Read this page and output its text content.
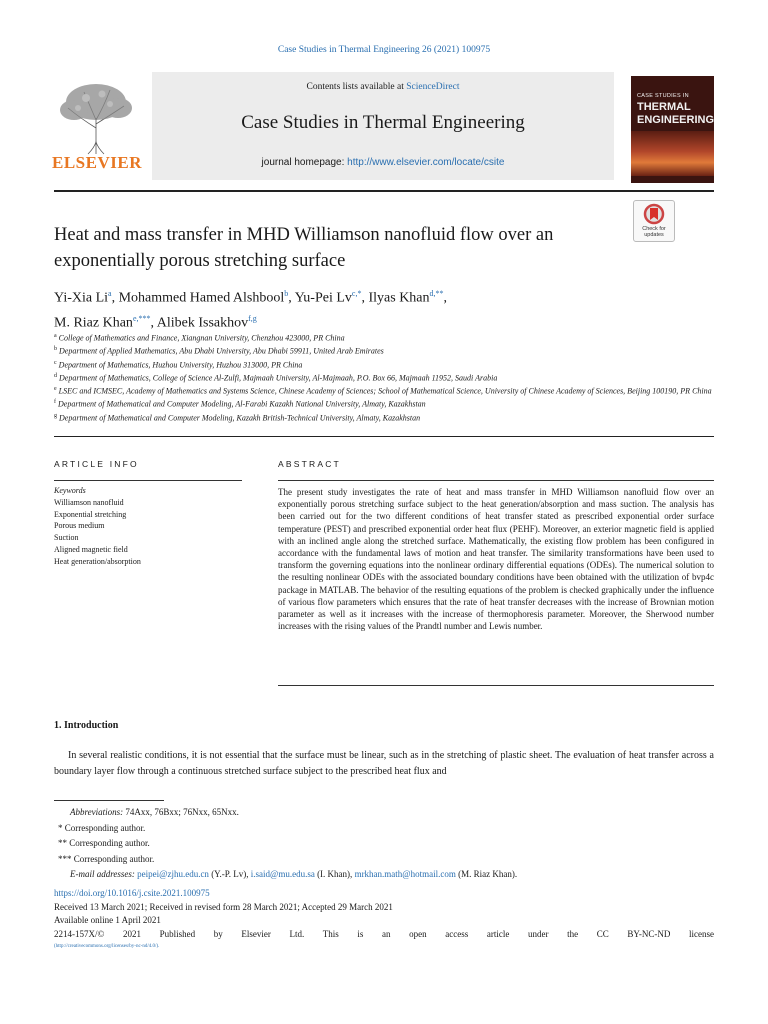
Case Studies in Thermal Engineering 26 (2021) 100975
ELSEVIER
Contents lists available at ScienceDirect
Case Studies in Thermal Engineering
journal homepage: http://www.elsevier.com/locate/csite
CASE STUDIES IN
THERMAL
ENGINEERING
Check for updates
Heat and mass transfer in MHD Williamson nanofluid flow over an exponentially porous stretching surface
Yi-Xia Li$^a$, Mohammed Hamed Alshbool$^b$, Yu-Pei $Lv^{c,*}$, Ilyas Khan$^{d,**}$,
M. Riaz Khan$^{e,***}$, Alibek Issakhov$^{f,g}$
$^a$ College of Mathematics and Finance, Xiangnan University, Chenzhou 423000, PR China
$^b$ Department of Applied Mathematics, Abu Dhabi University, Abu Dhabi 59911, United Arab Emirates
$^c$ Department of Mathematics, Huzhou University, Huzhou 313000, PR China
$^d$ Department of Mathematics, College of Science Al-Zulfi, Majmaah University, Al-Majmaah, P.O. Box 66, Majmaah 11952, Saudi Arabia
$^e$ LSEC and ICMSEC, Academy of Mathematics and Systems Science, Chinese Academy of Sciences; School of Mathematical Science, University of Chinese Academy of Sciences, Beijing 100190, PR China
$^f$ Department of Mathematical and Computer Modeling, Al-Farabi Kazakh National University, Almaty, Kazakhstan
$^g$ Department of Mathematical and Computer Modeling, Kazakh British-Technical University, Almaty, Kazakhstan
ARTICLE INFO
Keywords
Williamson nanofluid
Exponential stretching
Porous medium
Suction
Aligned magnetic field
Heat generation/absorption
ABSTRACT
The present study investigates the rate of heat and mass transfer in MHD Williamson nanofluid flow over an exponentially porous stretching surface subject to the heat generation/absorption and mass suction. The analysis has been carried out for the two different conditions of heat transfer stated as prescribed exponential order surface temperature (PEST) and prescribed exponential order heat flux (PEHF). Moreover, an exterior magnetic field is applied with an inclined angle along the stretched surface. Mathematically, the existing flow problem has been configured in accordance with the fundamental laws of motion and heat transfer. The similarity transformations have been used to transform the governing equations into the nonlinear ordinary differential equations (ODEs). The numerical solution to the resulting nonlinear ODEs with the associated boundary conditions have been obtained with the utilization of bvp4c package in MATLAB. The behavior of the resulting equations of the problem is checked graphically under the influence of various flow parameters which ensures that the rate of heat transfer decreases with the increase of Brownian motion parameter as well as it increases with the increase of thermophoresis parameter. Moreover, the Sherwood number increases with the rising values of the Prandtl number and Lewis number.
1. Introduction
In several realistic conditions, it is not essential that the surface must be linear, such as in the stretching of plastic sheet. The evaluation of heat transfer across a boundary layer flow through a continuous stretched surface subject to the prescribed heat flux and
Abbreviations: 74Axx, 76Bxx; 76Nxx, 65Nxx.
* Corresponding author.
** Corresponding author.
*** Corresponding author.
E-mail addresses: peipei@zjhu.edu.cn (Y.-P. Lv), i.said@mu.edu.sa (I. Khan), mrkhan.math@hotmail.com (M. Riaz Khan).
https://doi.org/10.1016/j.csite.2021.100975
Received 13 March 2021; Received in revised form 28 March 2021; Accepted 29 March 2021
Available online 1 April 2021
2214-157X/© 2021 Published by Elsevier Ltd. This is an open access article under the CC BY-NC-ND license
(http://creativecommons.org/licenses/by-nc-nd/4.0/).
